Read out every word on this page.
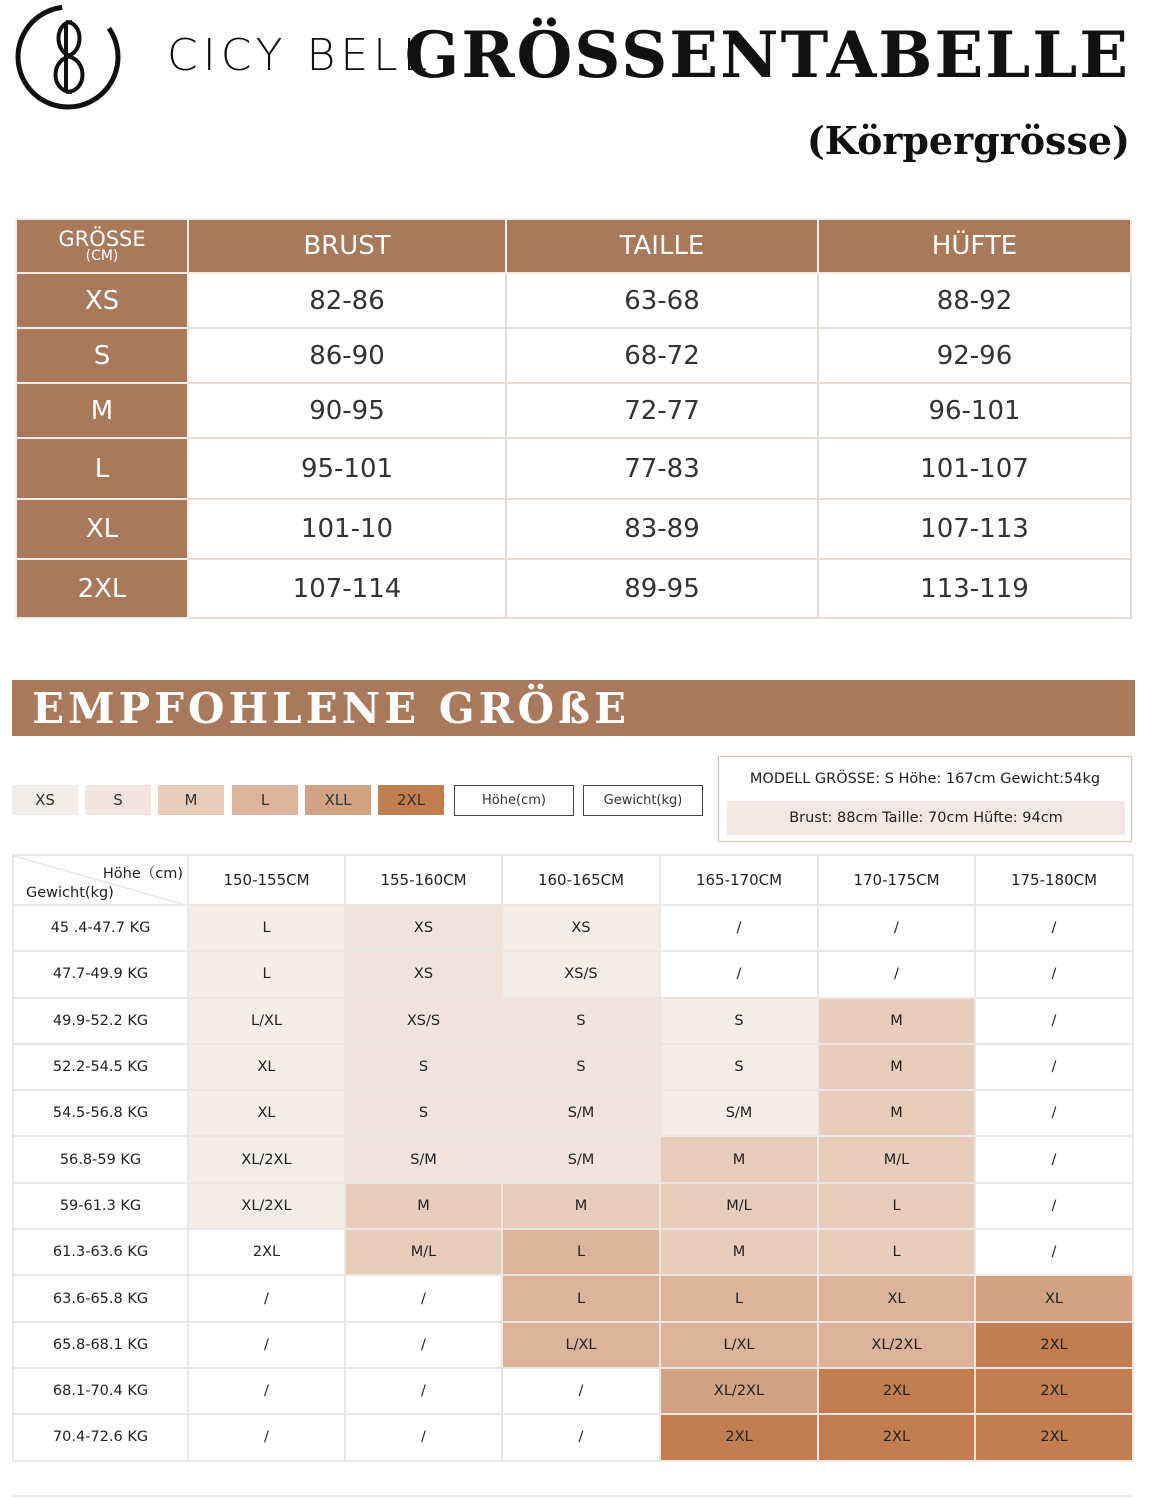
CICY BELL
GRÖSSENTABELLE
(Körpergrösse)
GRÖSSE
(CM)	BRUST	TAILLE	HÜFTE
XS	82-86	63-68	88-92
S	86-90	68-72	92-96
M	90-95	72-77	96-101
L	95-101	77-83	101-107
XL	101-10	83-89	107-113
2XL	107-114	89-95	113-119
EMPFOHLENE GRÖßE
XS	S	M	L	XLL	2XL	Höhe(cm)	Gewicht(kg)
MODELL GRÖSSE: S Höhe: 167cm Gewicht:54kg
Brust: 88cm Taille: 70cm Hüfte: 94cm
Höhe（cm)
Gewicht(kg)	150-155CM	155-160CM	160-165CM	165-170CM	170-175CM	175-180CM
45 .4-47.7 KG	L	XS	XS	/	/	/
47.7-49.9 KG	L	XS	XS/S	/	/	/
49.9-52.2 KG	L/XL	XS/S	S	S	M	/
52.2-54.5 KG	XL	S	S	S	M	/
54.5-56.8 KG	XL	S	S/M	S/M	M	/
56.8-59 KG	XL/2XL	S/M	S/M	M	M/L	/
59-61.3 KG	XL/2XL	M	M	M/L	L	/
61.3-63.6 KG	2XL	M/L	L	M	L	/
63.6-65.8 KG	/	/	L	L	XL	XL
65.8-68.1 KG	/	/	L/XL	L/XL	XL/2XL	2XL
68.1-70.4 KG	/	/	/	XL/2XL	2XL	2XL
70.4-72.6 KG	/	/	/	2XL	2XL	2XL
